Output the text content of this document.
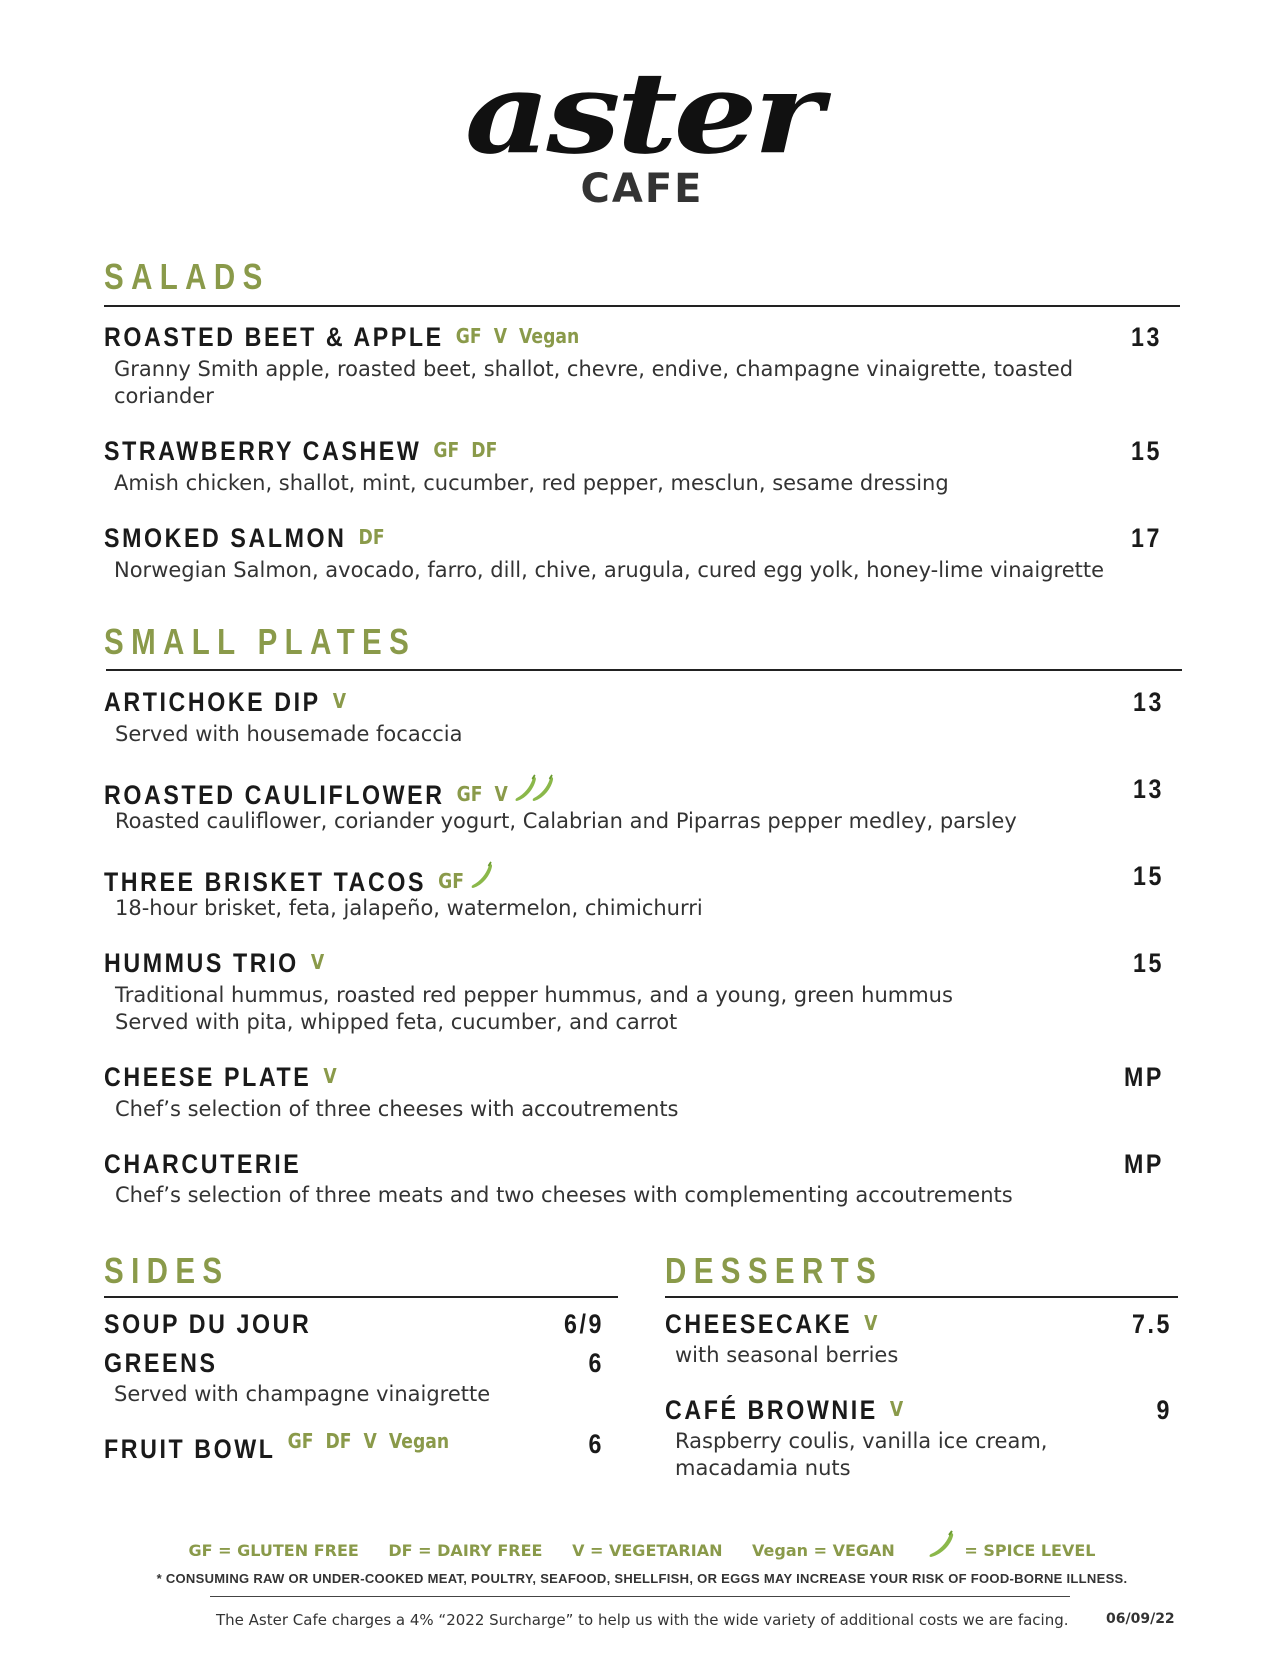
aster
CAFE
SALADS
ROASTED BEET & APPLE GF V Vegan	13
Granny Smith apple, roasted beet, shallot, chevre, endive, champagne vinaigrette, toasted
coriander
STRAWBERRY CASHEW GF DF	15
Amish chicken, shallot, mint, cucumber, red pepper, mesclun, sesame dressing
SMOKED SALMON DF	17
Norwegian Salmon, avocado, farro, dill, chive, arugula, cured egg yolk, honey-lime vinaigrette
SMALL PLATES
ARTICHOKE DIP V	13
Served with housemade focaccia
ROASTED CAULIFLOWER GF V	13
Roasted cauliflower, coriander yogurt, Calabrian and Piparras pepper medley, parsley
THREE BRISKET TACOS GF	15
18-hour brisket, feta, jalapeño, watermelon, chimichurri
HUMMUS TRIO V	15
Traditional hummus, roasted red pepper hummus, and a young, green hummus
Served with pita, whipped feta, cucumber, and carrot
CHEESE PLATE V	MP
Chef’s selection of three cheeses with accoutrements
CHARCUTERIE	MP
Chef’s selection of three meats and two cheeses with complementing accoutrements
SIDES
SOUP DU JOUR	6/9
GREENS	6
Served with champagne vinaigrette
FRUIT BOWL GF DF V Vegan	6
DESSERTS
CHEESECAKE V	7.5
with seasonal berries
CAFÉ BROWNIE V	9
Raspberry coulis, vanilla ice cream,
macadamia nuts
GF = GLUTEN FREE DF = DAIRY FREE V = VEGETARIAN Vegan = VEGAN	= SPICE LEVEL
* CONSUMING RAW OR UNDER-COOKED MEAT, POULTRY, SEAFOOD, SHELLFISH, OR EGGS MAY INCREASE YOUR RISK OF FOOD-BORNE ILLNESS.
The Aster Cafe charges a 4% “2022 Surcharge” to help us with the wide variety of additional costs we are facing.	06/09/22
